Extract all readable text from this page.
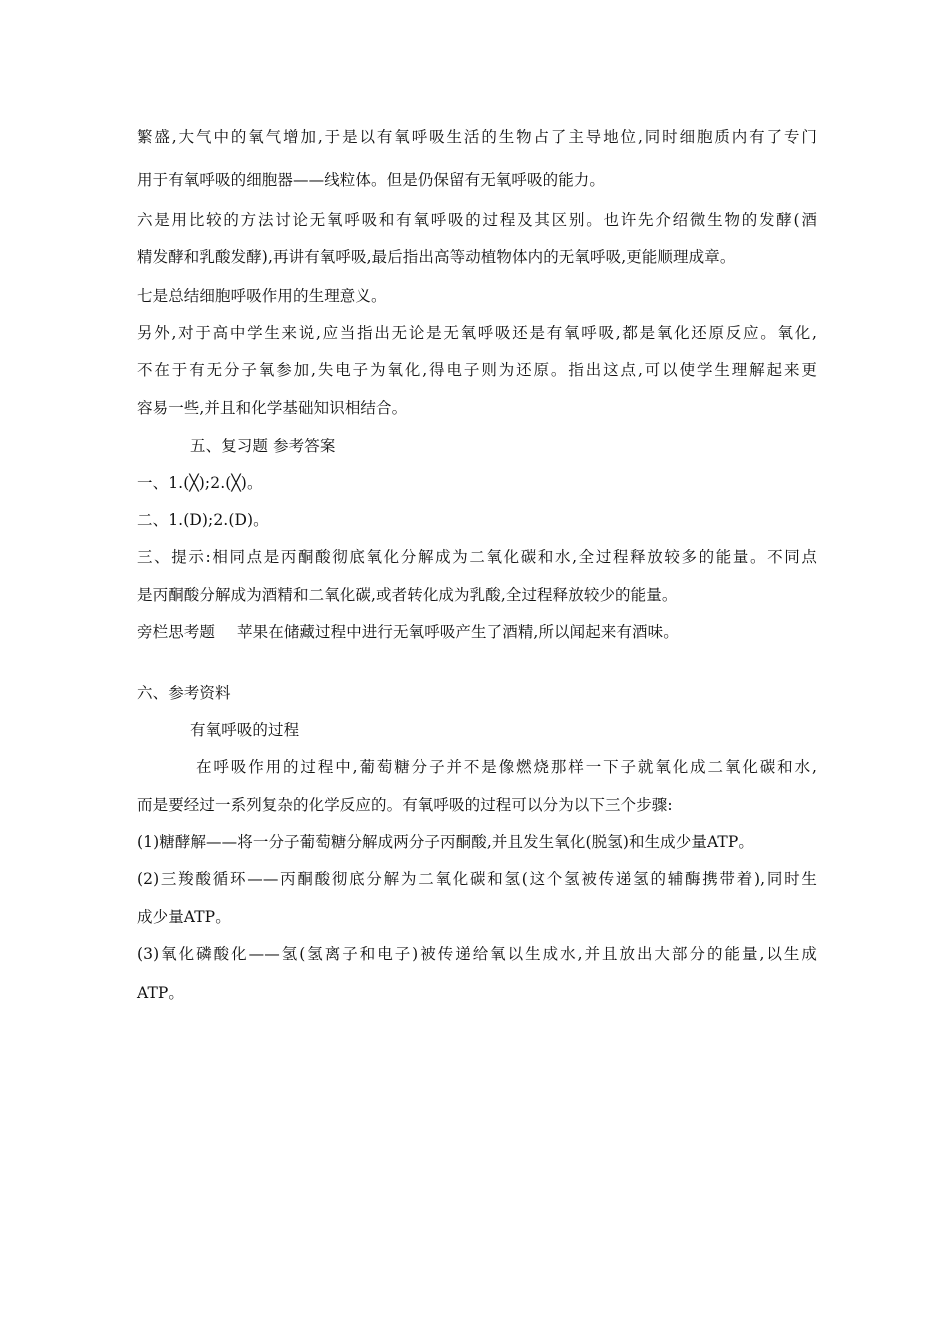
繁盛,大气中的氧气增加,于是以有氧呼吸生活的生物占了主导地位,同时细胞质内有了专门
用于有氧呼吸的细胞器——线粒体。但是仍保留有无氧呼吸的能力。
六是用比较的方法讨论无氧呼吸和有氧呼吸的过程及其区别。也许先介绍微生物的发酵(酒
精发酵和乳酸发酵),再讲有氧呼吸,最后指出高等动植物体内的无氧呼吸,更能顺理成章。
七是总结细胞呼吸作用的生理意义。
另外,对于高中学生来说,应当指出无论是无氧呼吸还是有氧呼吸,都是氧化还原反应。氧化,
不在于有无分子氧参加,失电子为氧化,得电子则为还原。指出这点,可以使学生理解起来更
容易一些,并且和化学基础知识相结合。
五、复习题 参考答案
一、1.(╳);2.(╳)。
二、1.(D);2.(D)。
三、提示:相同点是丙酮酸彻底氧化分解成为二氧化碳和水,全过程释放较多的能量。不同点
是丙酮酸分解成为酒精和二氧化碳,或者转化成为乳酸,全过程释放较少的能量。
旁栏思考题 苹果在储藏过程中进行无氧呼吸产生了酒精,所以闻起来有酒味。
六、参考资料
有氧呼吸的过程
在呼吸作用的过程中,葡萄糖分子并不是像燃烧那样一下子就氧化成二氧化碳和水,
而是要经过一系列复杂的化学反应的。有氧呼吸的过程可以分为以下三个步骤:
(1)糖酵解——将一分子葡萄糖分解成两分子丙酮酸,并且发生氧化(脱氢)和生成少量ATP。
(2)三羧酸循环——丙酮酸彻底分解为二氧化碳和氢(这个氢被传递氢的辅酶携带着),同时生
成少量ATP。
(3)氧化磷酸化——氢(氢离子和电子)被传递给氧以生成水,并且放出大部分的能量,以生成
ATP。
